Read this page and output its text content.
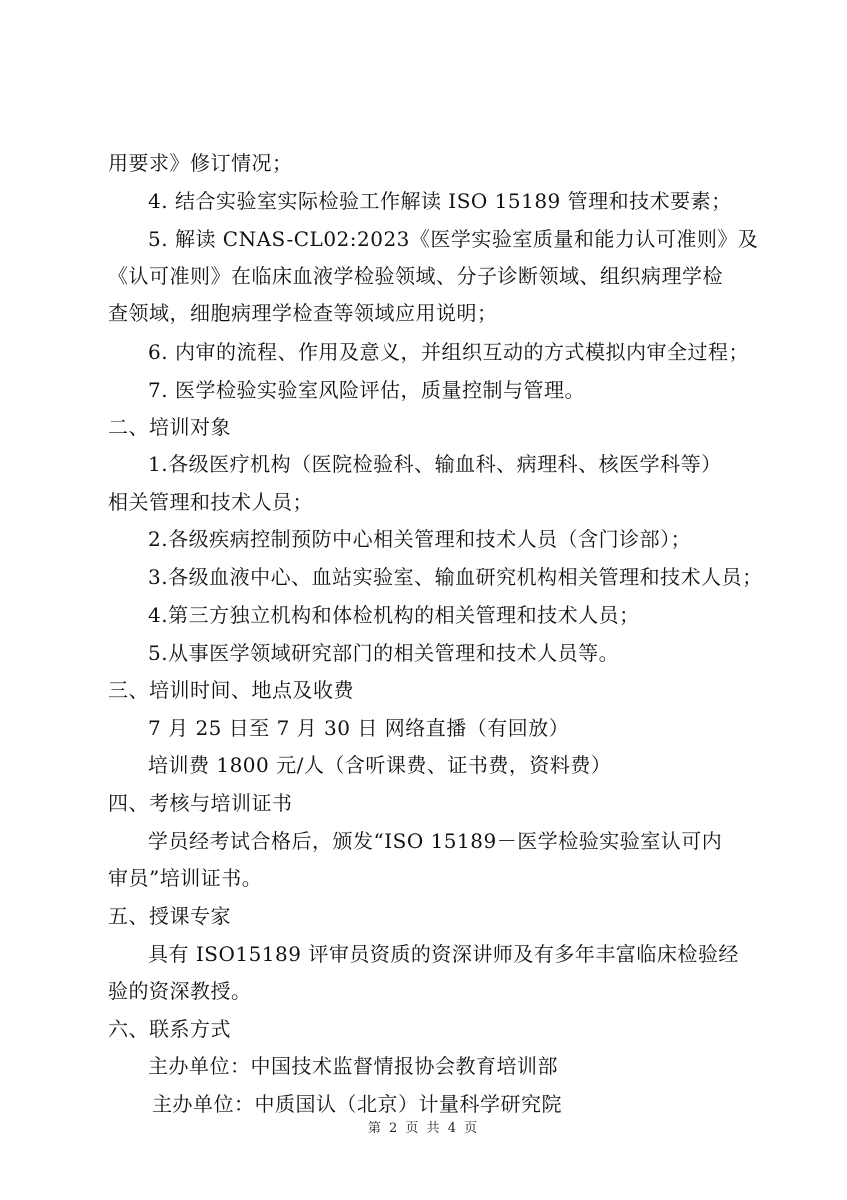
用要求》修订情况；
4. 结合实验室实际检验工作解读 ISO 15189 管理和技术要素；
5. 解读 CNAS-CL02:2023《医学实验室质量和能力认可准则》及
《认可准则》在临床血液学检验领域、分子诊断领域、组织病理学检
查领域，细胞病理学检查等领域应用说明；
6. 内审的流程、作用及意义，并组织互动的方式模拟内审全过程；
7. 医学检验实验室风险评估，质量控制与管理。
二、培训对象
1.各级医疗机构（医院检验科、输血科、病理科、核医学科等）
相关管理和技术人员；
2.各级疾病控制预防中心相关管理和技术人员（含门诊部）；
3.各级血液中心、血站实验室、输血研究机构相关管理和技术人员；
4.第三方独立机构和体检机构的相关管理和技术人员；
5.从事医学领域研究部门的相关管理和技术人员等。
三、培训时间、地点及收费
7 月 25 日至 7 月 30 日 网络直播（有回放）
培训费 1800 元/人（含听课费、证书费，资料费）
四、考核与培训证书
学员经考试合格后，颁发“ISO 15189－医学检验实验室认可内
审员”培训证书。
五、授课专家
具有 ISO15189 评审员资质的资深讲师及有多年丰富临床检验经
验的资深教授。
六、联系方式
主办单位：中国技术监督情报协会教育培训部
主办单位：中质国认（北京）计量科学研究院
第 2 页 共 4 页
